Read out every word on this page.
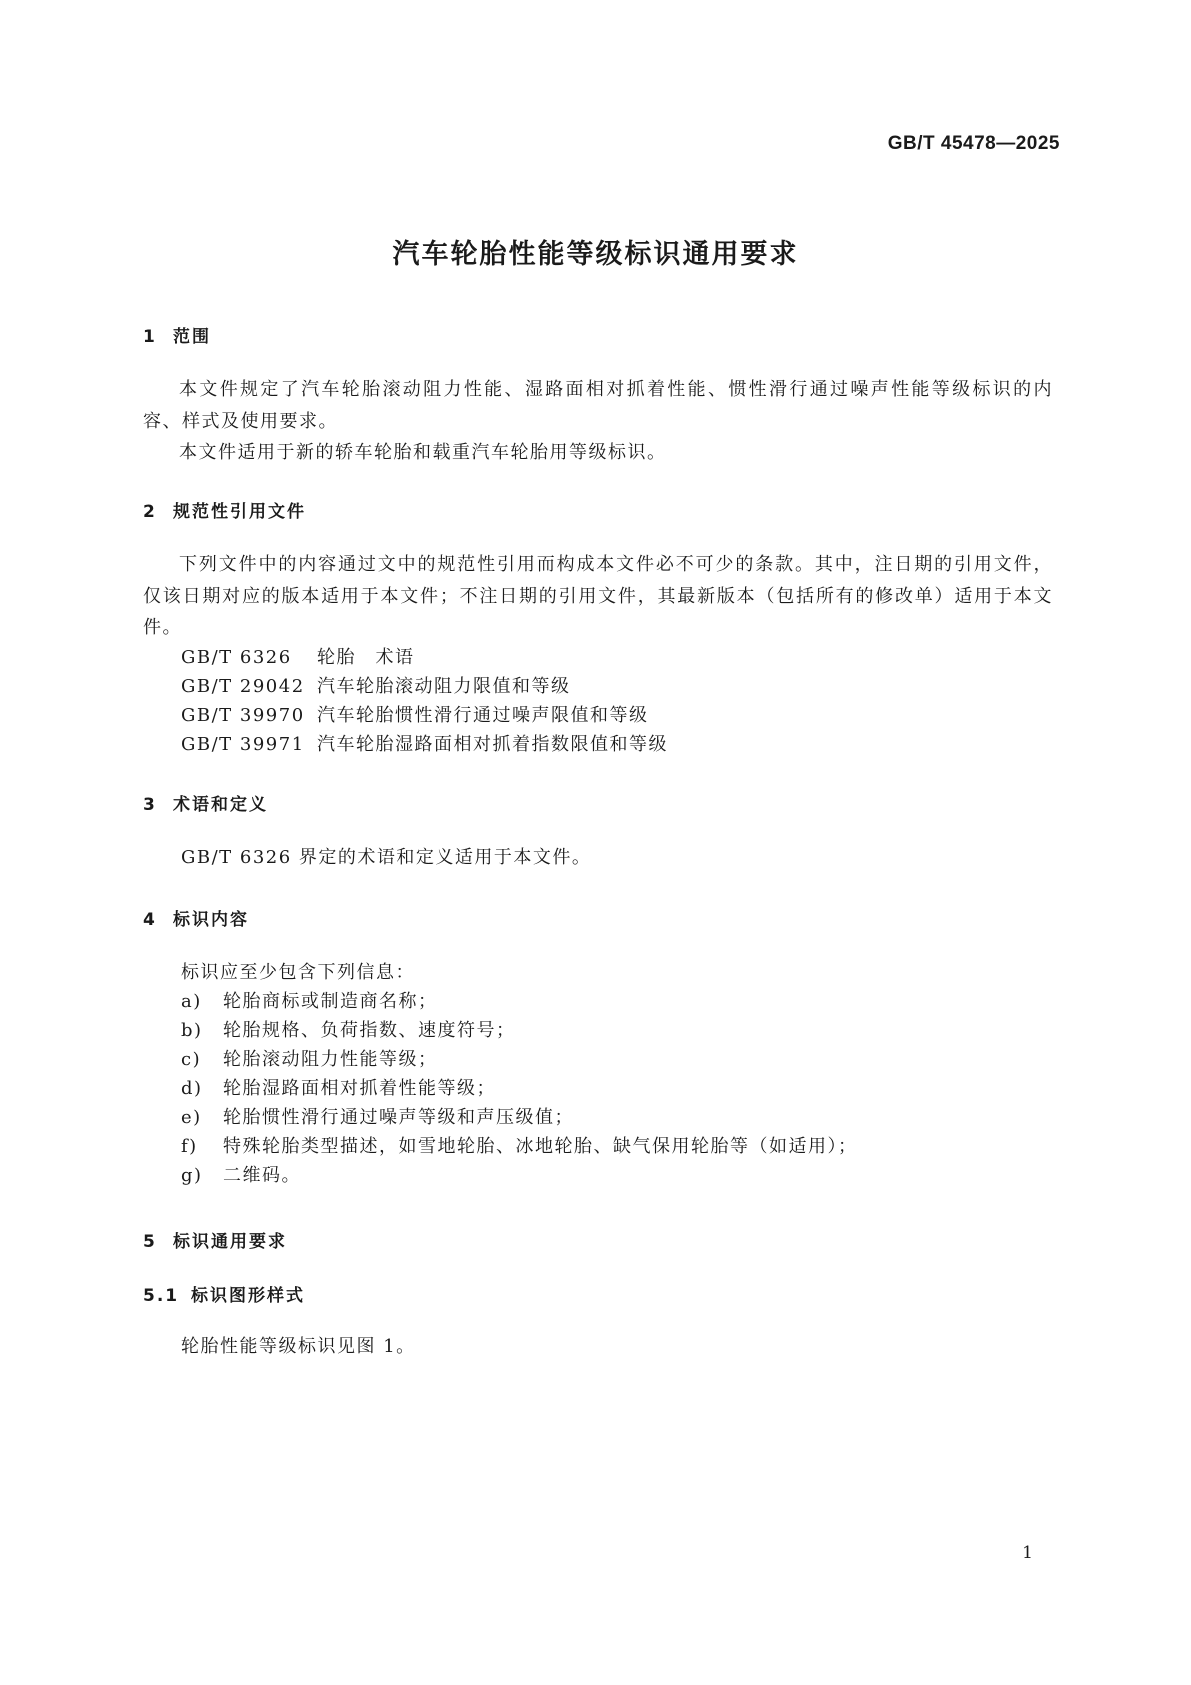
GB/T 45478—2025
汽车轮胎性能等级标识通用要求
1 范围
本文件规定了汽车轮胎滚动阻力性能、湿路面相对抓着性能、惯性滑行通过噪声性能等级标识的内容、样式及使用要求。
本文件适用于新的轿车轮胎和载重汽车轮胎用等级标识。
2 规范性引用文件
下列文件中的内容通过文中的规范性引用而构成本文件必不可少的条款。其中，注日期的引用文件，仅该日期对应的版本适用于本文件；不注日期的引用文件，其最新版本（包括所有的修改单）适用于本文件。
GB/T 6326 轮胎　术语
GB/T 29042 汽车轮胎滚动阻力限值和等级
GB/T 39970 汽车轮胎惯性滑行通过噪声限值和等级
GB/T 39971 汽车轮胎湿路面相对抓着指数限值和等级
3 术语和定义
GB/T 6326 界定的术语和定义适用于本文件。
4 标识内容
标识应至少包含下列信息：
a) 轮胎商标或制造商名称；
b) 轮胎规格、负荷指数、速度符号；
c) 轮胎滚动阻力性能等级；
d) 轮胎湿路面相对抓着性能等级；
e) 轮胎惯性滑行通过噪声等级和声压级值；
f) 特殊轮胎类型描述，如雪地轮胎、冰地轮胎、缺气保用轮胎等（如适用）；
g) 二维码。
5 标识通用要求
5.1 标识图形样式
轮胎性能等级标识见图 1。
1
